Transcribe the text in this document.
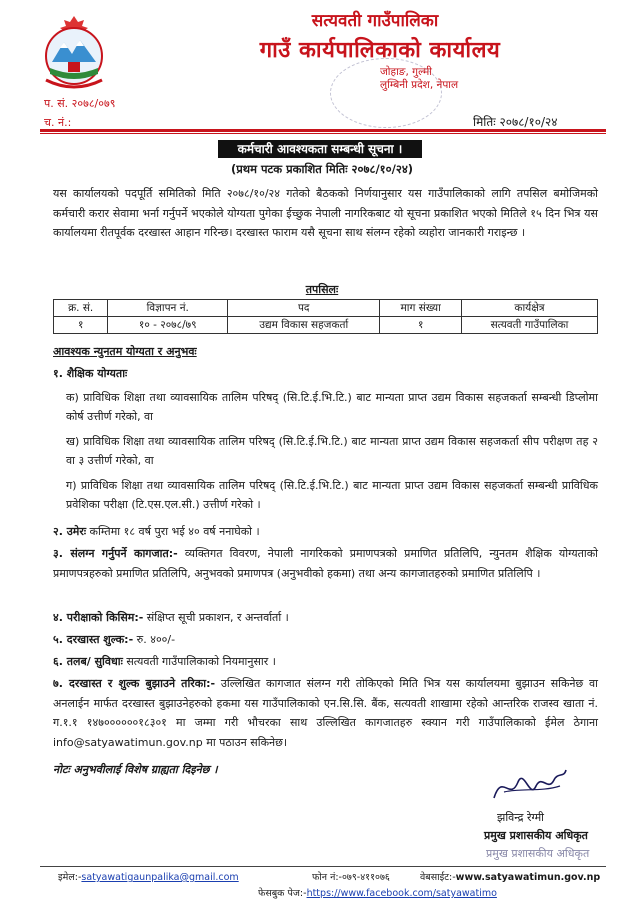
सत्यवती गाउँपालिका
गाउँ कार्यपालिकाको कार्यालय
जोहाङ, गुल्मी
लुम्बिनी प्रदेश, नेपाल
प. सं. २०७८/०७९
च. नं.:	मितिः २०७८/१०/२४
कर्मचारी आवश्यकता सम्बन्धी सूचना ।
(प्रथम पटक प्रकाशित मितिः २०७८/१०/२४)
यस कार्यालयको पदपूर्ति समितिको मिति २०७८/१०/२४ गतेको बैठकको निर्णयानुसार यस गाउँपालिकाको लागि तपसिल बमोजिमको कर्मचारी करार सेवामा भर्ना गर्नुपर्ने भएकोले योग्यता पुगेका ईच्छुक नेपाली नागरिकबाट यो सूचना प्रकाशित भएको मितिले १५ दिन भित्र यस कार्यालयमा रीतपूर्वक दरखास्त आहान गरिन्छ। दरखास्त फाराम यसै सूचना साथ संलग्न रहेको व्यहोरा जानकारी गराइन्छ ।
तपसिलः
क्र. सं.	विज्ञापन नं.	पद	माग संख्या	कार्यक्षेत्र
१	१० - २०७८/७९	उद्यम विकास सहजकर्ता	१	सत्यवती गाउँपालिका
आवश्यक न्युनतम योग्यता र अनुभवः
१. शैक्षिक योग्यताः
क) प्राविधिक शिक्षा तथा व्यावसायिक तालिम परिषद् (सि.टि.ई.भि.टि.) बाट मान्यता प्राप्त उद्यम विकास सहजकर्ता सम्बन्धी डिप्लोमा कोर्ष उत्तीर्ण गरेको, वा
ख) प्राविधिक शिक्षा तथा व्यावसायिक तालिम परिषद् (सि.टि.ई.भि.टि.) बाट मान्यता प्राप्त उद्यम विकास सहजकर्ता सीप परीक्षण तह २ वा ३ उत्तीर्ण गरेको, वा
ग) प्राविधिक शिक्षा तथा व्यावसायिक तालिम परिषद् (सि.टि.ई.भि.टि.) बाट मान्यता प्राप्त उद्यम विकास सहजकर्ता सम्बन्धी प्राविधिक प्रवेशिका परीक्षा (टि.एस.एल.सी.) उत्तीर्ण गरेको ।
२. उमेरः कम्तिमा १८ वर्ष पुरा भई ४० वर्ष ननाघेको ।
३. संलग्न गर्नुपर्ने कागजात:- व्यक्तिगत विवरण, नेपाली नागरिकको प्रमाणपत्रको प्रमाणित प्रतिलिपि, न्युनतम शैक्षिक योग्यताको प्रमाणपत्रहरुको प्रमाणित प्रतिलिपि, अनुभवको प्रमाणपत्र (अनुभवीको हकमा) तथा अन्य कागजातहरुको प्रमाणित प्रतिलिपि ।
४. परीक्षाको किसिम:- संक्षिप्त सूची प्रकाशन, र अन्तर्वार्ता ।
५. दरखास्त शुल्क:- रु. ४००/-
६. तलब/ सुविधाः सत्यवती गाउँपालिकाको नियमानुसार ।
७. दरखास्त र शुल्क बुझाउने तरिका:- उल्लिखित कागजात संलग्न गरी तोकिएको मिति भित्र यस कार्यालयमा बुझाउन सकिनेछ वा अनलाईन मार्फत दरखास्त बुझाउनेहरुको हकमा यस गाउँपालिकाको एन.सि.सि. बैंक, सत्यवती शाखामा रहेको आन्तरिक राजस्व खाता नं. ग.१.१ १४७००००००१८३०१ मा जम्मा गरी भौचरका साथ उल्लिखित कागजातहरु स्क्यान गरी गाउँपालिकाको ईमेल ठेगाना info@satyawatimun.gov.np मा पठाउन सकिनेछ।
नोटः अनुभवीलाई विशेष ग्राह्यता दिइनेछ ।
झविन्द्र रेग्मी
प्रमुख प्रशासकीय अधिकृत
प्रमुख प्रशासकीय अधिकृत
इमेल:-satyawatigaunpalika@gmail.com	फोन नं:-०७९-४११०७६	वेबसाईट:-www.satyawatimun.gov.np
फेसबुक पेज:-https://www.facebook.com/satyawatimo
